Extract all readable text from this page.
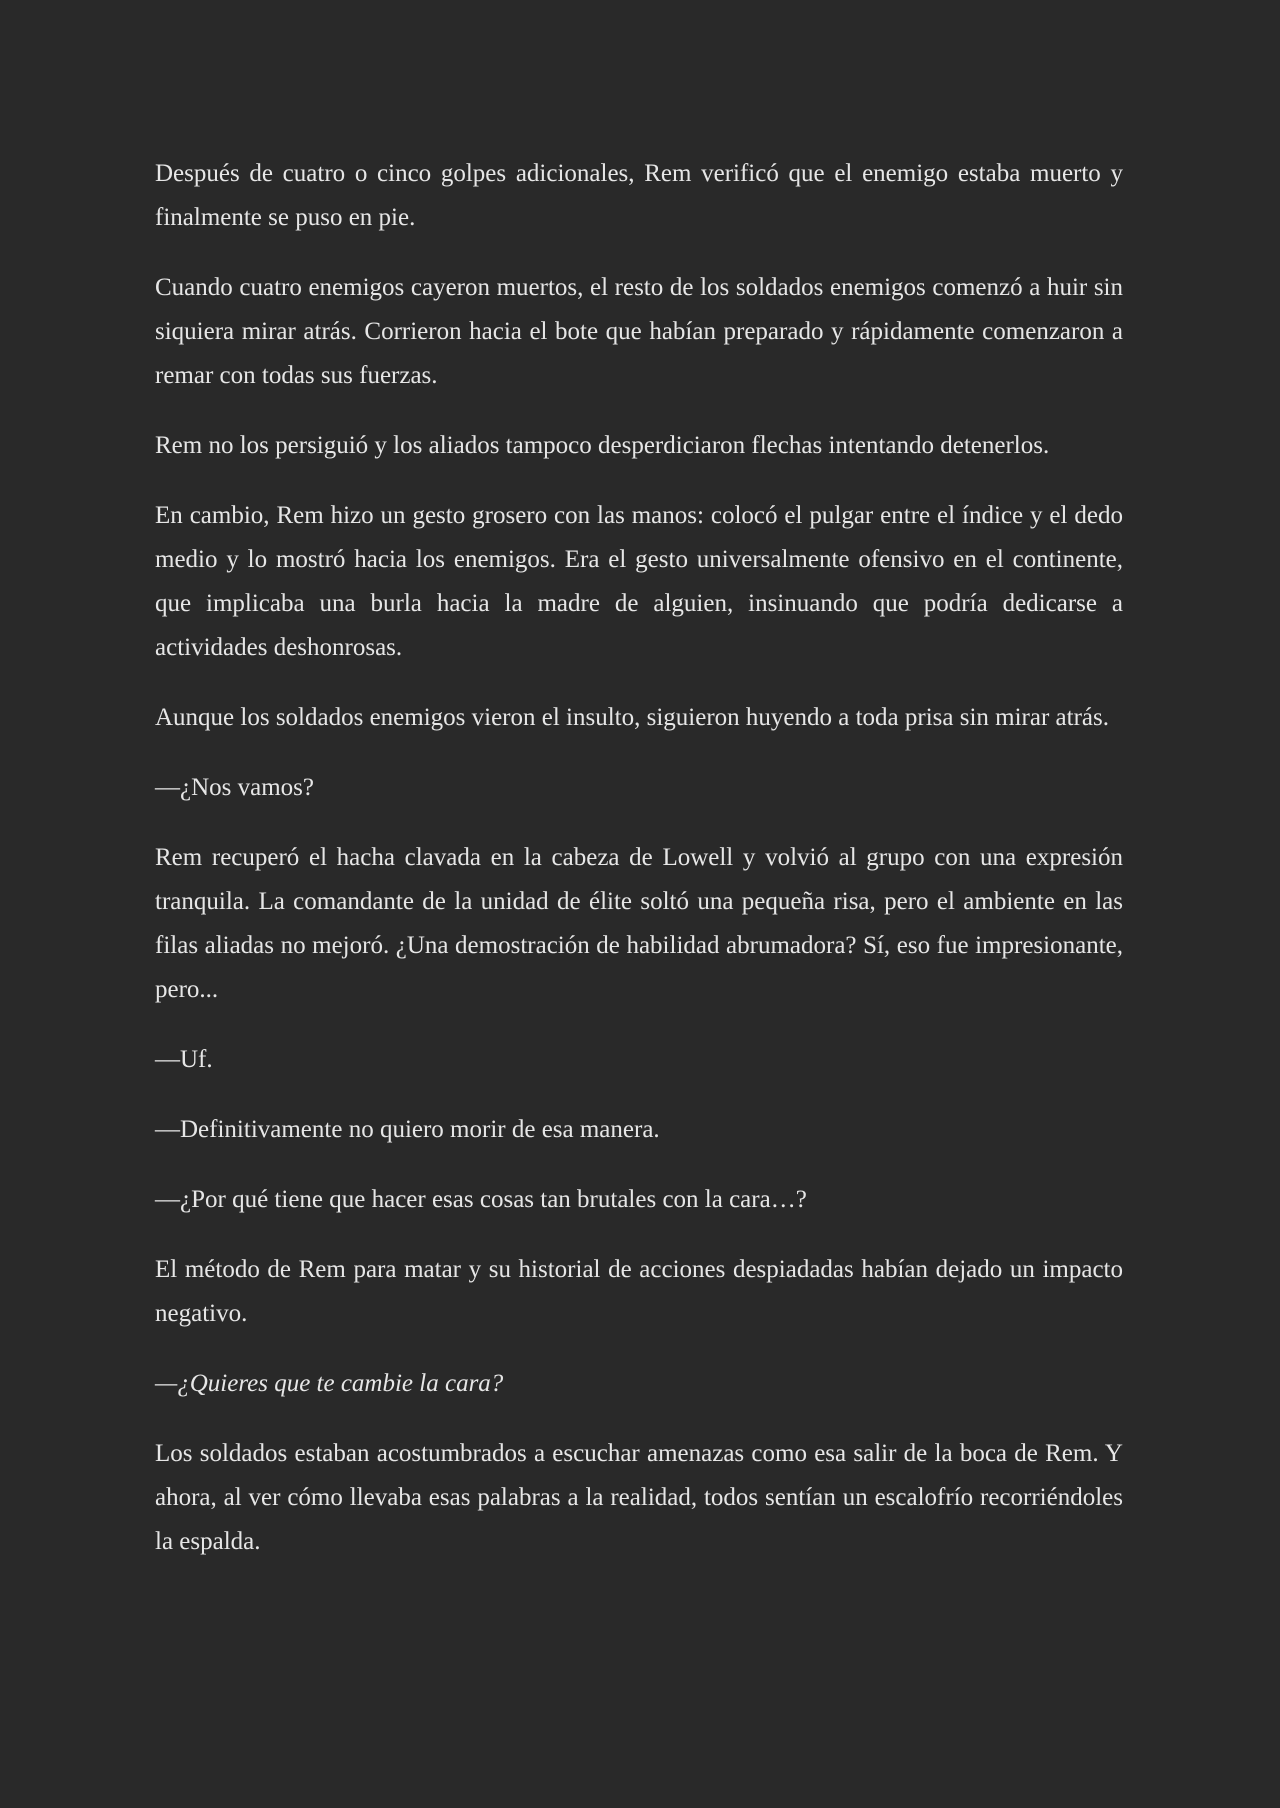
Después de cuatro o cinco golpes adicionales, Rem verificó que el enemigo estaba muerto y finalmente se puso en pie.

Cuando cuatro enemigos cayeron muertos, el resto de los soldados enemigos comenzó a huir sin siquiera mirar atrás. Corrieron hacia el bote que habían preparado y rápidamente comenzaron a remar con todas sus fuerzas.

Rem no los persiguió y los aliados tampoco desperdiciaron flechas intentando detenerlos.

En cambio, Rem hizo un gesto grosero con las manos: colocó el pulgar entre el índice y el dedo medio y lo mostró hacia los enemigos. Era el gesto universalmente ofensivo en el continente, que implicaba una burla hacia la madre de alguien, insinuando que podría dedicarse a actividades deshonrosas.

Aunque los soldados enemigos vieron el insulto, siguieron huyendo a toda prisa sin mirar atrás.

—¿Nos vamos?

Rem recuperó el hacha clavada en la cabeza de Lowell y volvió al grupo con una expresión tranquila. La comandante de la unidad de élite soltó una pequeña risa, pero el ambiente en las filas aliadas no mejoró. ¿Una demostración de habilidad abrumadora? Sí, eso fue impresionante, pero...

—Uf.

—Definitivamente no quiero morir de esa manera.

—¿Por qué tiene que hacer esas cosas tan brutales con la cara…?

El método de Rem para matar y su historial de acciones despiadadas habían dejado un impacto negativo.

—¿Quieres que te cambie la cara?

Los soldados estaban acostumbrados a escuchar amenazas como esa salir de la boca de Rem. Y ahora, al ver cómo llevaba esas palabras a la realidad, todos sentían un escalofrío recorriéndoles la espalda.
